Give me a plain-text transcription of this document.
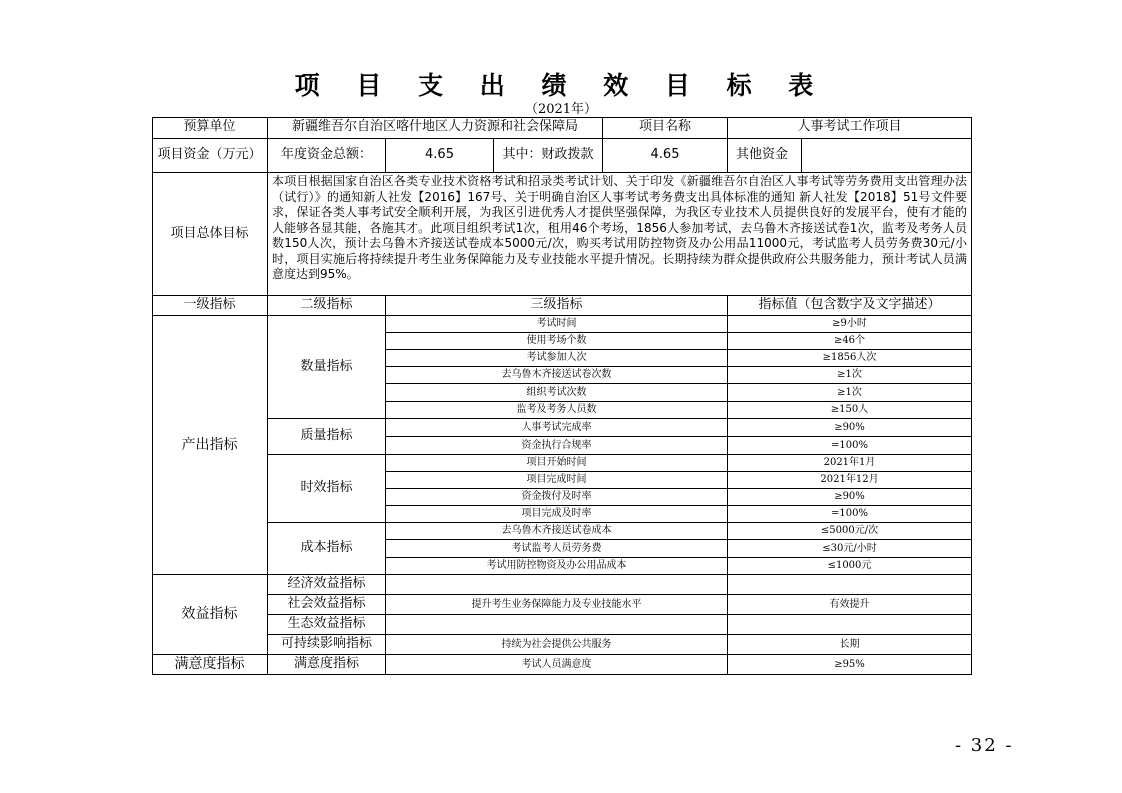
项 目 支 出 绩 效 目 标 表
（2021年）
预算单位	新疆维吾尔自治区喀什地区人力资源和社会保障局	项目名称	人事考试工作项目
项目资金（万元）	年度资金总额：	4.65	其中：财政拨款	4.65	其他资金
项目总体目标
本项目根据国家自治区各类专业技术资格考试和招录类考试计划、关于印发《新疆维吾尔自治区人事考试等劳务费用支出管理办法（试行）》的通知新人社发【2016】167号、关于明确自治区人事考试考务费支出具体标准的通知 新人社发【2018】51号文件要求，保证各类人事考试安全顺利开展，为我区引进优秀人才提供坚强保障，为我区专业技术人员提供良好的发展平台，使有才能的人能够各显其能，各施其才。此项目组织考试1次，租用46个考场，1856人参加考试，去乌鲁木齐接送试卷1次，监考及考务人员数150人次，预计去乌鲁木齐接送试卷成本5000元/次，购买考试用防控物资及办公用品11000元，考试监考人员劳务费30元/小时，项目实施后将持续提升考生业务保障能力及专业技能水平提升情况。长期持续为群众提供政府公共服务能力，预计考试人员满意度达到95%。
一级指标	二级指标	三级指标	指标值（包含数字及文字描述）
产出指标
数量指标
考试时间	≥9小时
使用考场个数	≥46个
考试参加人次	≥1856人次
去乌鲁木齐接送试卷次数	≥1次
组织考试次数	≥1次
监考及考务人员数	≥150人
质量指标
人事考试完成率	≥90%
资金执行合规率	=100%
时效指标
项目开始时间	2021年1月
项目完成时间	2021年12月
资金拨付及时率	≥90%
项目完成及时率	=100%
成本指标
去乌鲁木齐接送试卷成本	≤5000元/次
考试监考人员劳务费	≤30元/小时
考试用防控物资及办公用品成本	≤1000元
效益指标
经济效益指标
社会效益指标	提升考生业务保障能力及专业技能水平	有效提升
生态效益指标
可持续影响指标	持续为社会提供公共服务	长期
满意度指标	满意度指标	考试人员满意度	≥95%
- 32 -
